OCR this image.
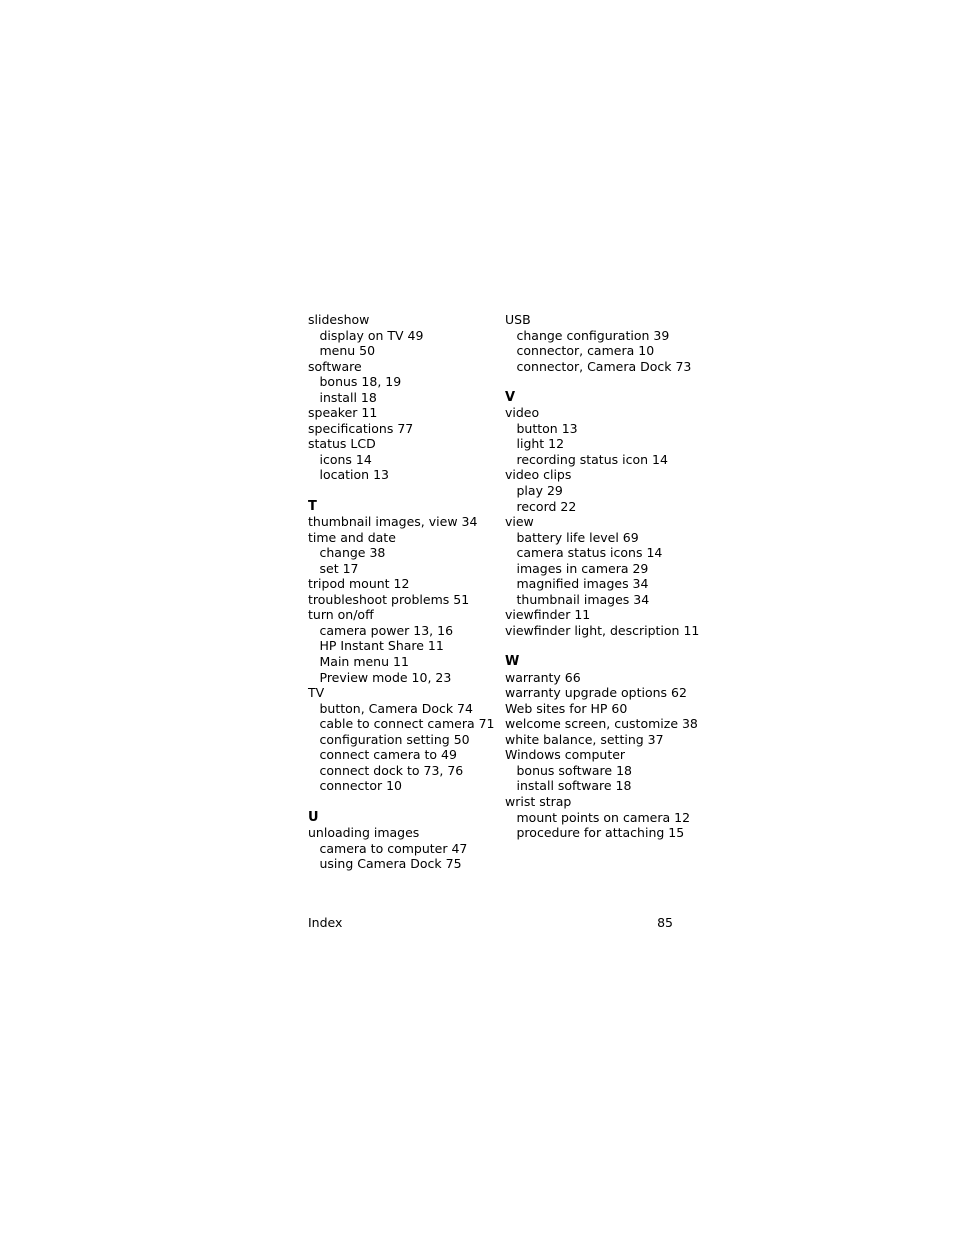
slideshow
display on TV 49
menu 50
software
bonus 18, 19
install 18
speaker 11
specifications 77
status LCD
icons 14
location 13
T
thumbnail images, view 34
time and date
change 38
set 17
tripod mount 12
troubleshoot problems 51
turn on/off
camera power 13, 16
HP Instant Share 11
Main menu 11
Preview mode 10, 23
TV
button, Camera Dock 74
cable to connect camera 71
configuration setting 50
connect camera to 49
connect dock to 73, 76
connector 10
U
unloading images
camera to computer 47
using Camera Dock 75
USB
change configuration 39
connector, camera 10
connector, Camera Dock 73
V
video
button 13
light 12
recording status icon 14
video clips
play 29
record 22
view
battery life level 69
camera status icons 14
images in camera 29
magnified images 34
thumbnail images 34
viewfinder 11
viewfinder light, description 11
W
warranty 66
warranty upgrade options 62
Web sites for HP 60
welcome screen, customize 38
white balance, setting 37
Windows computer
bonus software 18
install software 18
wrist strap
mount points on camera 12
procedure for attaching 15
Index	85
